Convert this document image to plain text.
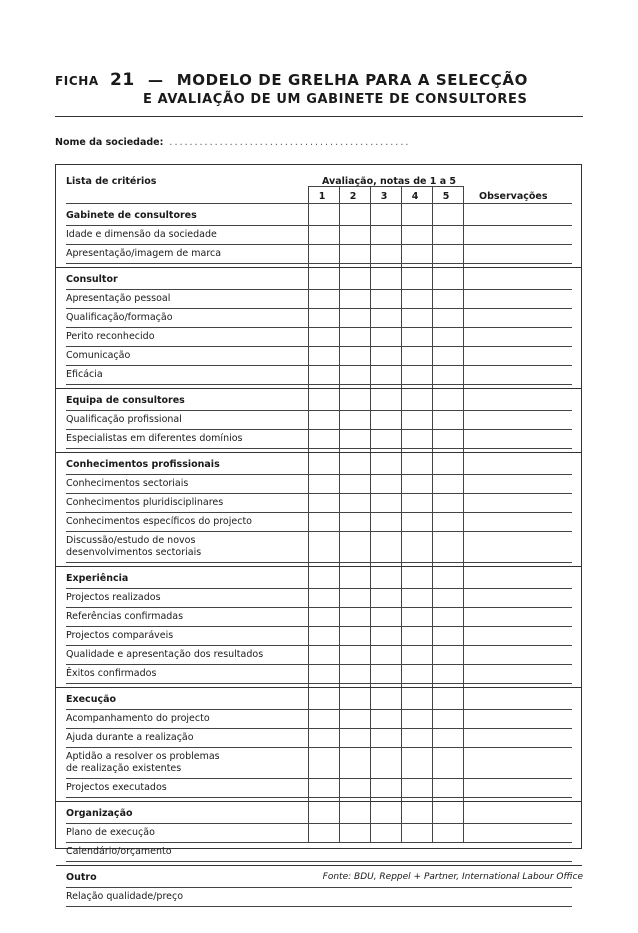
FICHA 21 — MODELO DE GRELHA PARA A SELECÇÃO
E AVALIAÇÃO DE UM GABINETE DE CONSULTORES
Nome da sociedade: ................................................
Lista de critérios	Avaliação, notas de 1 a 5
1	2	3	4	5	Observações
Gabinete de consultores
Idade e dimensão da sociedade
Apresentação/imagem de marca
Consultor
Apresentação pessoal
Qualificação/formação
Perito reconhecido
Comunicação
Eficácia
Equipa de consultores
Qualificação profissional
Especialistas em diferentes domínios
Conhecimentos profissionais
Conhecimentos sectoriais
Conhecimentos pluridisciplinares
Conhecimentos específicos do projecto
Discussão/estudo de novos
desenvolvimentos sectoriais
Experiência
Projectos realizados
Referências confirmadas
Projectos comparáveis
Qualidade e apresentação dos resultados
Êxitos confirmados
Execução
Acompanhamento do projecto
Ajuda durante a realização
Aptidão a resolver os problemas
de realização existentes
Projectos executados
Organização
Plano de execução
Calendário/orçamento
Outro
Relação qualidade/preço
Fonte: BDU, Reppel + Partner, International Labour Office
